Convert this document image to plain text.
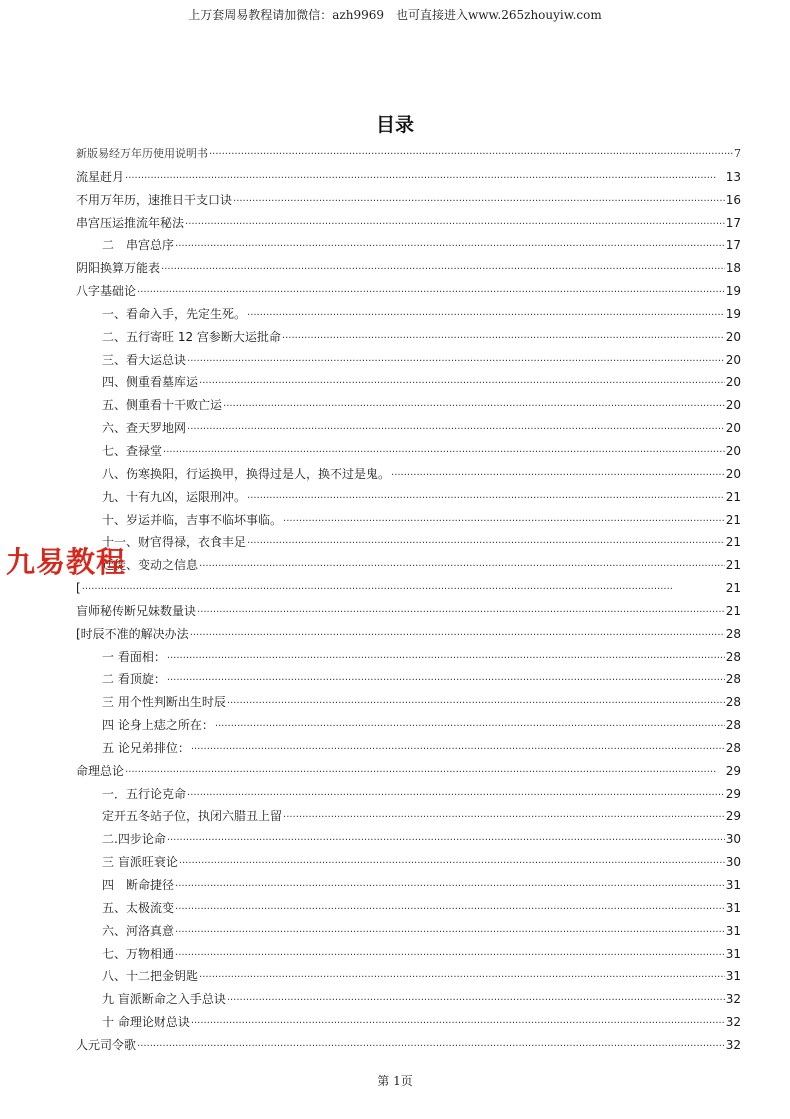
上万套周易教程请加微信：azh9969　也可直接进入www.265zhouyiw.com
目录
新版易经万年历使用说明书 ·····	7
流星赶月 ·····	13
不用万年历，速推日干支口诀 ·····	16
串宫压运推流年秘法 ·····	17
二　串宫总序 ·····	17
阴阳换算万能表 ·····	18
八字基础论 ·····	19
一、看命入手，先定生死。 ·····	19
二、五行寄旺 12 宫参断大运批命 ·····	20
三、看大运总诀 ·····	20
四、侧重看墓库运 ·····	20
五、侧重看十干败亡运 ·····	20
六、查天罗地网 ·····	20
七、查禄堂 ·····	20
八、伤寒换阳，行运换甲，换得过是人，换不过是鬼。 ·····	20
九、十有九凶，运限刑冲。 ·····	21
十、岁运并临，吉事不临坏事临。 ·····	21
十一、财官得禄，衣食丰足 ·····	21
迁徙、变动之信息 ·····	21
[ ·····	21
盲师秘传断兄妹数量诀 ·····	21
[时辰不准的解决办法 ·····	28
一 看面相： ·····	28
二 看顶旋： ·····	28
三 用个性判断出生时辰 ·····	28
四 论身上痣之所在： ·····	28
五 论兄弟排位： ·····	28
命理总论 ·····	29
一．五行论克命 ·····	29
定开五冬站子位，执闭六腊丑上留 ·····	29
二.四步论命 ·····	30
三 盲派旺衰论 ·····	30
四　断命捷径 ·····	31
五、太极流变 ·····	31
六、河洛真意 ·····	31
七、万物相通 ·····	31
八、十二把金钥匙 ·····	31
九 盲派断命之入手总诀 ·····	32
十 命理论财总诀 ·····	32
人元司令歌 ·····	32
九易教程
第 1页
